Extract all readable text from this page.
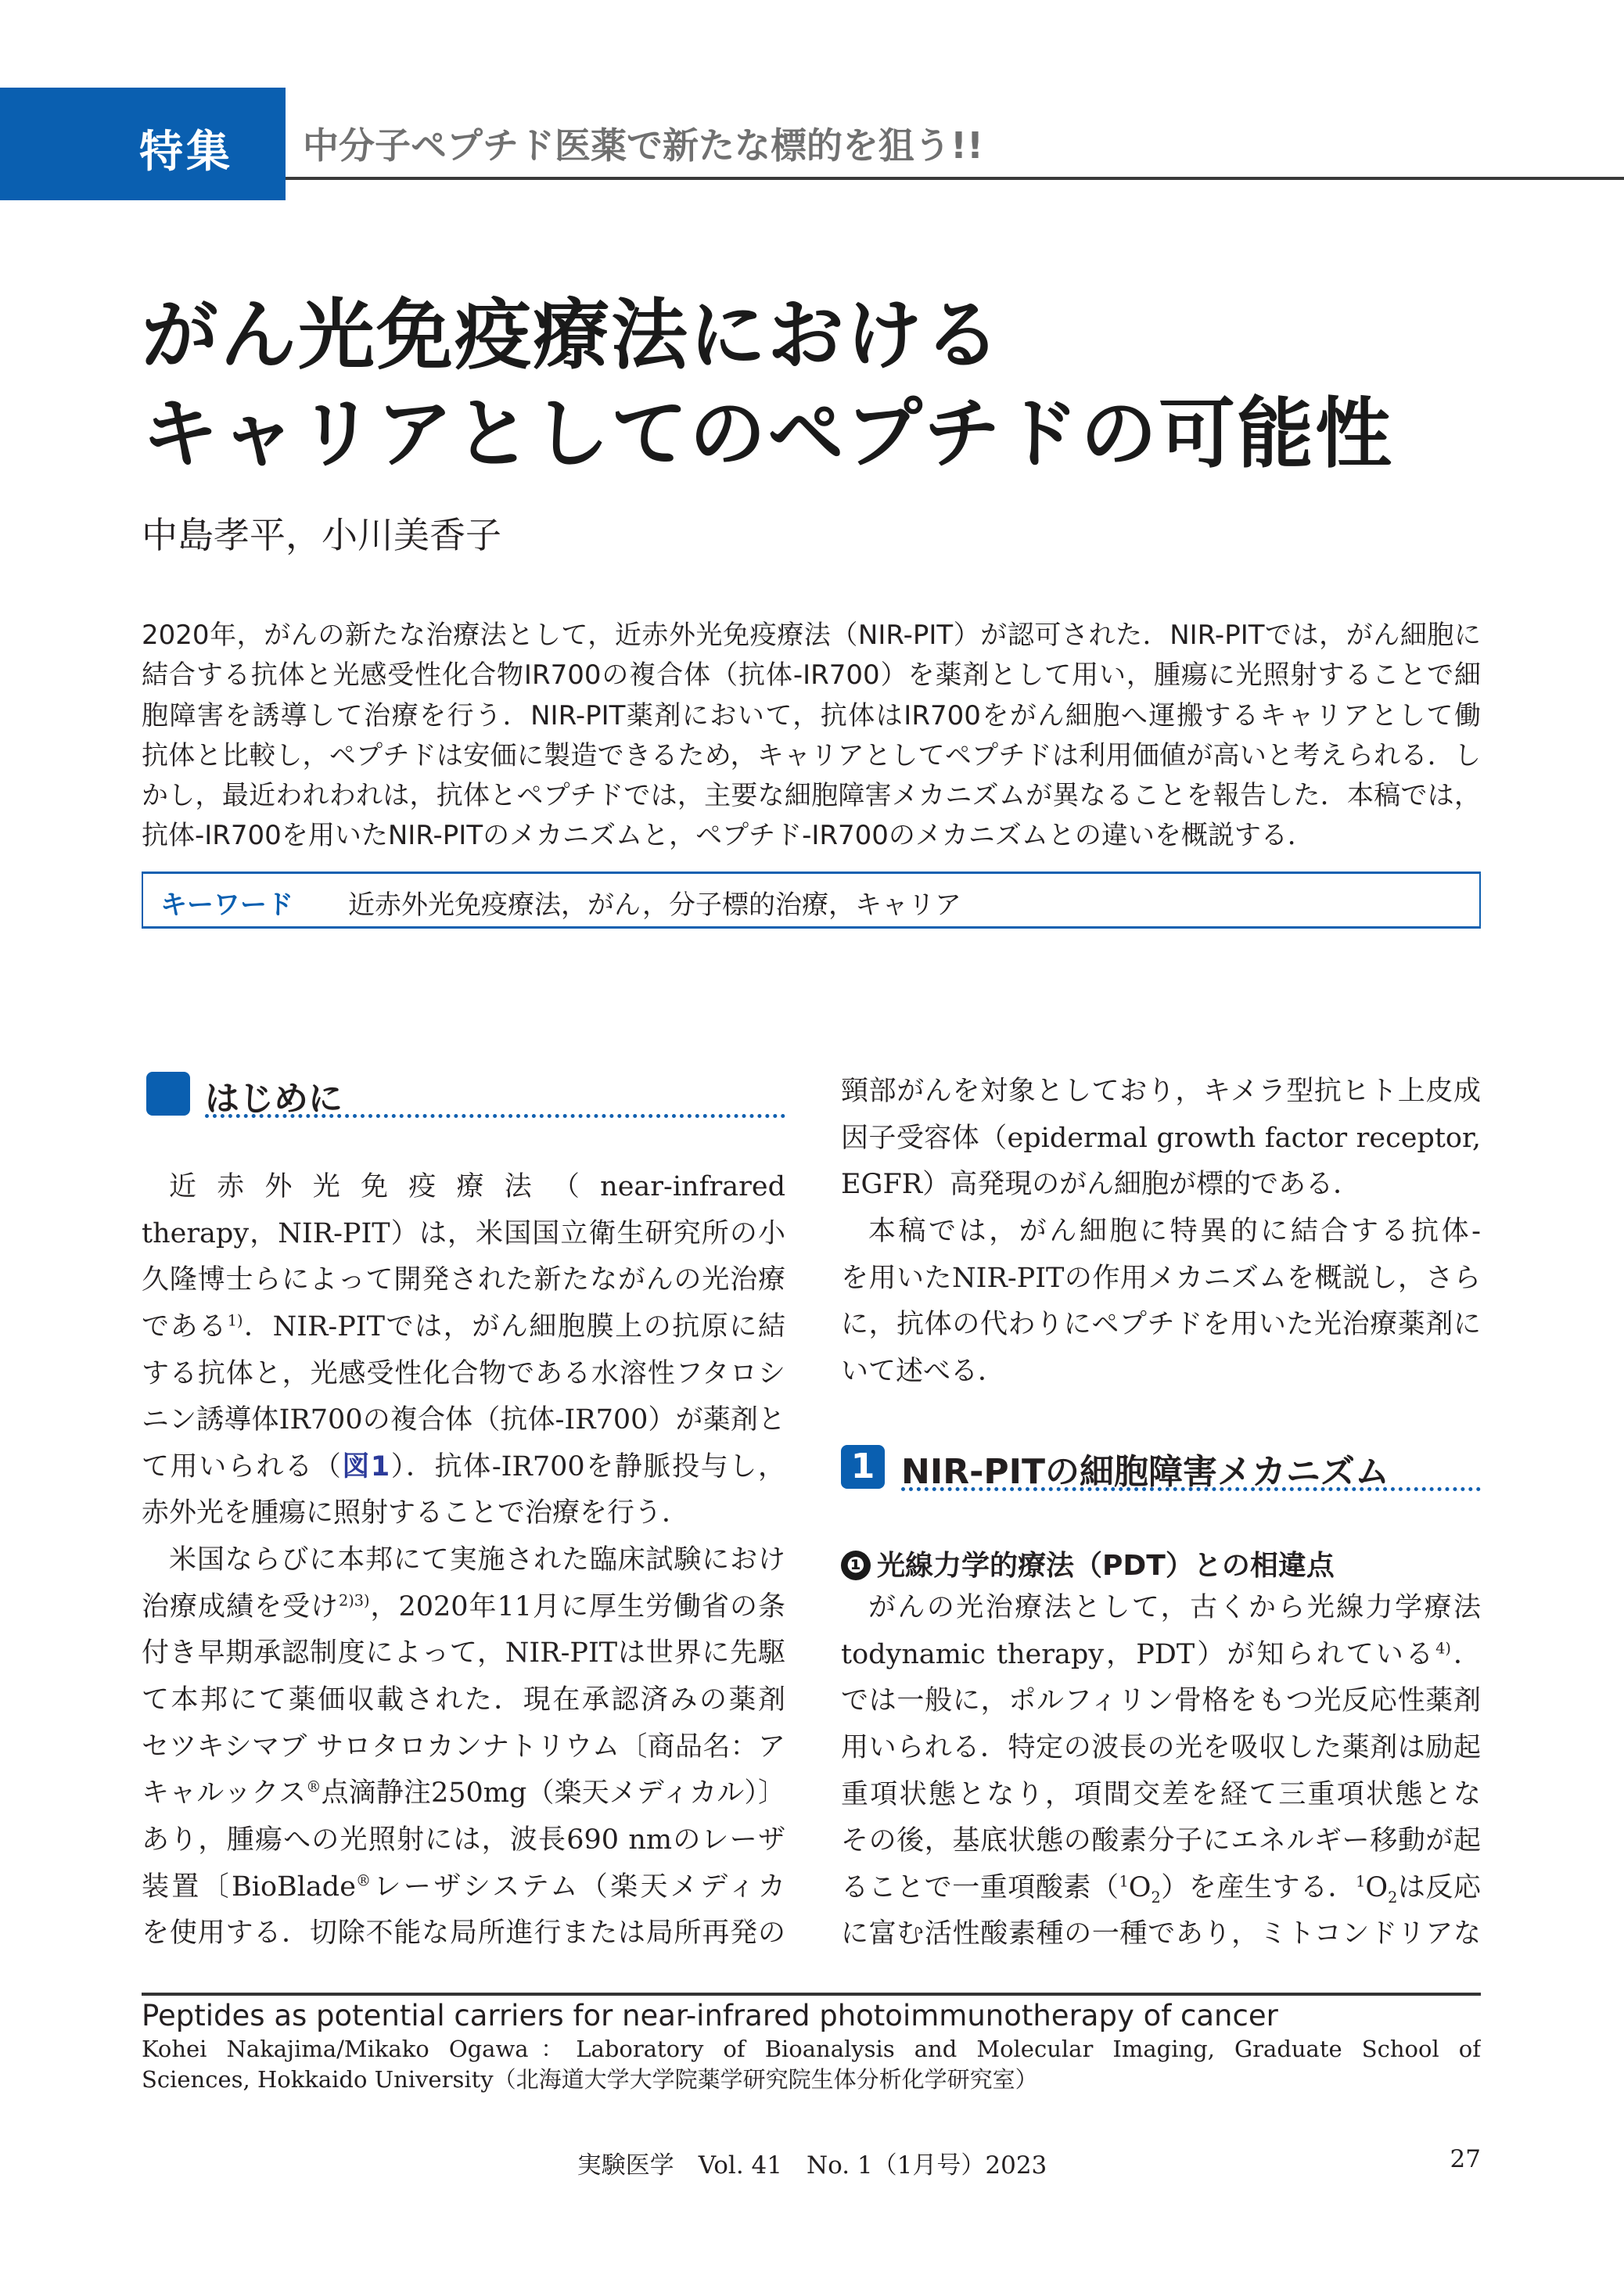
特集 中分子ペプチド医薬で新たな標的を狙う!!
がん光免疫療法における
キャリアとしてのペプチドの可能性
中島孝平，小川美香子
2020年，がんの新たな治療法として，近赤外光免疫療法（NIR-PIT）が認可された．NIR-PITでは，がん細胞に
結合する抗体と光感受性化合物IR700の複合体（抗体-IR700）を薬剤として用い，腫瘍に光照射することで細
胞障害を誘導して治療を行う．NIR-PIT薬剤において，抗体はIR700をがん細胞へ運搬するキャリアとして働
抗体と比較し，ペプチドは安価に製造できるため，キャリアとしてペプチドは利用価値が高いと考えられる．し
かし，最近われわれは，抗体とペプチドでは，主要な細胞障害メカニズムが異なることを報告した．本稿では，
抗体-IR700を用いたNIR-PITのメカニズムと，ペプチド-IR700のメカニズムとの違いを概説する．
キーワード 近赤外光免疫療法，がん，分子標的治療，キャリア
はじめに
近赤外光免疫療法（near-infrared
therapy，NIR-PIT）は，米国国立衛生研究所の小
久隆博士らによって開発された新たながんの光治療
である$^{1)}$．NIR-PITでは，がん細胞膜上の抗原に結
する抗体と，光感受性化合物である水溶性フタロシ
ニン誘導体IR700の複合体（抗体-IR700）が薬剤と
て用いられる（図1）．抗体-IR700を静脈投与し，
赤外光を腫瘍に照射することで治療を行う．
米国ならびに本邦にて実施された臨床試験におけ
治療成績を受け$^{2)3)}$，2020年11月に厚生労働省の条
付き早期承認制度によって，NIR-PITは世界に先駆
て本邦にて薬価収載された．現在承認済みの薬剤
セツキシマブ サロタロカンナトリウム〔商品名：ア
キャルックス®点滴静注250mg（楽天メディカル）〕
あり，腫瘍への光照射には，波長690 nmのレーザ
装置〔BioBlade®レーザシステム（楽天メディカ
を使用する．切除不能な局所進行または局所再発の
頸部がんを対象としており，キメラ型抗ヒト上皮成
因子受容体（epidermal growth factor receptor,
EGFR）高発現のがん細胞が標的である．
本稿では，がん細胞に特異的に結合する抗体-
を用いたNIR-PITの作用メカニズムを概説し，さら
に，抗体の代わりにペプチドを用いた光治療薬剤に
いて述べる．
1 NIR-PITの細胞障害メカニズム
❶ 光線力学的療法（PDT）との相違点
がんの光治療法として，古くから光線力学療法
todynamic therapy，PDT）が知られている$^{4)}$．
では一般に，ポルフィリン骨格をもつ光反応性薬剤
用いられる．特定の波長の光を吸収した薬剤は励起
重項状態となり，項間交差を経て三重項状態とな
その後，基底状態の酸素分子にエネルギー移動が起
ることで一重項酸素$(^1O_2)$を産生する．$^1O_2$は反応
に富む活性酸素種の一種であり，ミトコンドリアな
Peptides as potential carriers for near-infrared photoimmunotherapy of cancer
Kohei Nakajima/Mikako Ogawa：Laboratory of Bioanalysis and Molecular Imaging, Graduate School of
Sciences, Hokkaido University（北海道大学大学院薬学研究院生体分析化学研究室）
実験医学　Vol. 41　No. 1（1月号）2023	27
